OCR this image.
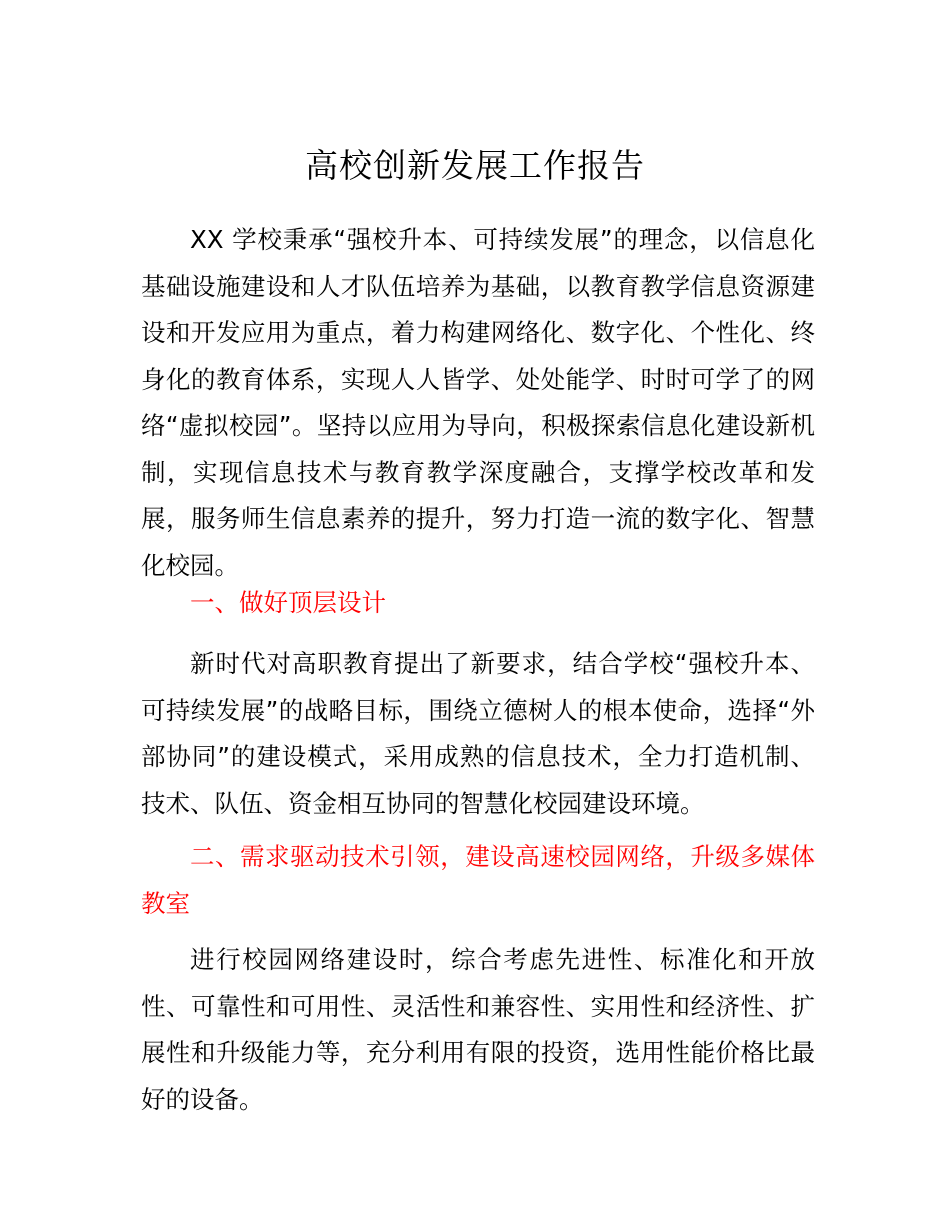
高校创新发展工作报告

XX 学校秉承“强校升本、可持续发展”的理念，以信息化基础设施建设和人才队伍培养为基础，以教育教学信息资源建设和开发应用为重点，着力构建网络化、数字化、个性化、终身化的教育体系，实现人人皆学、处处能学、时时可学了的网络“虚拟校园”。坚持以应用为导向，积极探索信息化建设新机制，实现信息技术与教育教学深度融合，支撑学校改革和发展，服务师生信息素养的提升，努力打造一流的数字化、智慧化校园。

一、做好顶层设计

新时代对高职教育提出了新要求，结合学校“强校升本、可持续发展”的战略目标，围绕立德树人的根本使命，选择“外部协同”的建设模式，采用成熟的信息技术，全力打造机制、技术、队伍、资金相互协同的智慧化校园建设环境。

二、需求驱动技术引领，建设高速校园网络，升级多媒体教室

进行校园网络建设时，综合考虑先进性、标准化和开放性、可靠性和可用性、灵活性和兼容性、实用性和经济性、扩展性和升级能力等，充分利用有限的投资，选用性能价格比最好的设备。
